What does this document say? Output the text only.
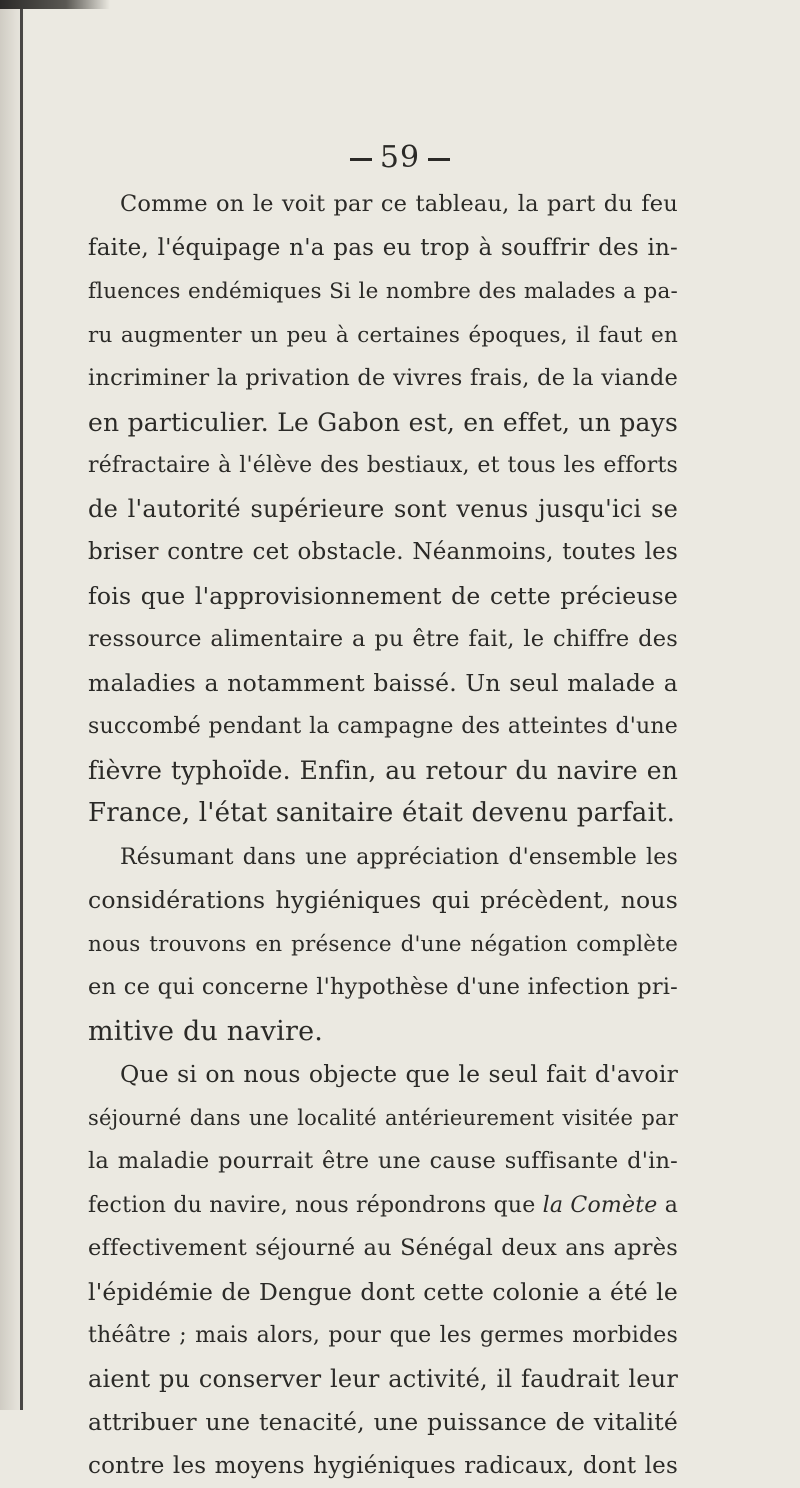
59
Comme on le voit par ce tableau, la part du feu
faite, l'équipage n'a pas eu trop à souffrir des in-
fluences endémiques Si le nombre des malades a pa-
ru augmenter un peu à certaines époques, il faut en
incriminer la privation de vivres frais, de la viande
en particulier. Le Gabon est, en effet, un pays
réfractaire à l'élève des bestiaux, et tous les efforts
de l'autorité supérieure sont venus jusqu'ici se
briser contre cet obstacle. Néanmoins, toutes les
fois que l'approvisionnement de cette précieuse
ressource alimentaire a pu être fait, le chiffre des
maladies a notamment baissé. Un seul malade a
succombé pendant la campagne des atteintes d'une
fièvre typhoïde. Enfin, au retour du navire en
France, l'état sanitaire était devenu parfait.
Résumant dans une appréciation d'ensemble les
considérations hygiéniques qui précèdent, nous
nous trouvons en présence d'une négation complète
en ce qui concerne l'hypothèse d'une infection pri-
mitive du navire.
Que si on nous objecte que le seul fait d'avoir
séjourné dans une localité antérieurement visitée par
la maladie pourrait être une cause suffisante d'in-
fection du navire, nous répondrons que la Comète a
effectivement séjourné au Sénégal deux ans après
l'épidémie de Dengue dont cette colonie a été le
théâtre ; mais alors, pour que les germes morbides
aient pu conserver leur activité, il faudrait leur
attribuer une tenacité, une puissance de vitalité
contre les moyens hygiéniques radicaux, dont les
